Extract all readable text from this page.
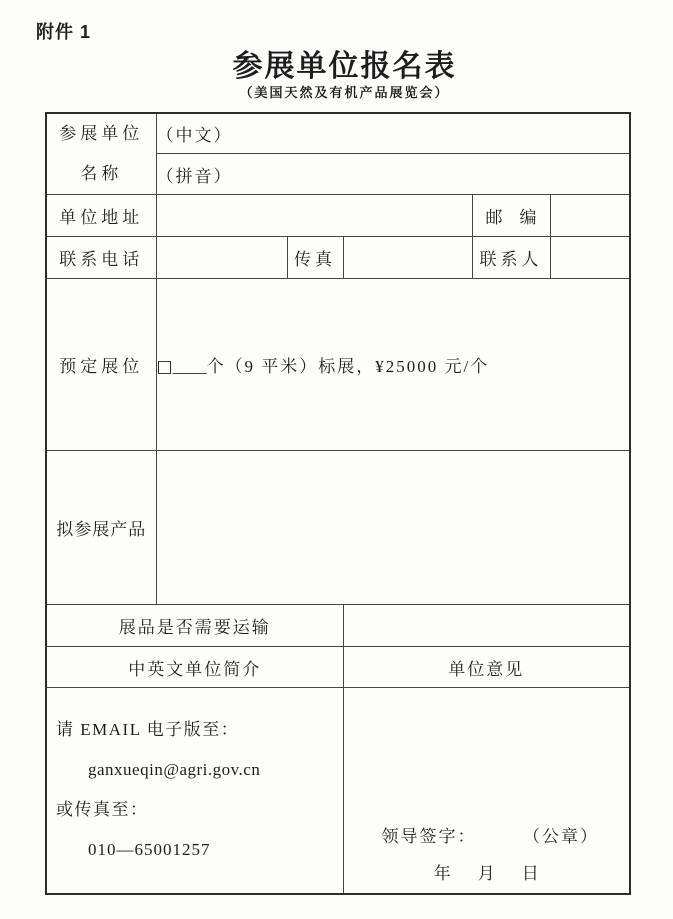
附件 1
参展单位报名表
（美国天然及有机产品展览会）
参展单位
名称	（中文）				
	（拼音）				
单位地址				邮　编	
联系电话		传真		联系人	
预定展位	□____个（9 平米）标展，¥25000 元/个				
拟参展产品					
展品是否需要运输					
中英文单位简介			单位意见		

请 EMAIL 电子版至：
ganxueqin@agri.gov.cn
或传真至：
010—65001257

领导签字：	（公章）
年 月 日
